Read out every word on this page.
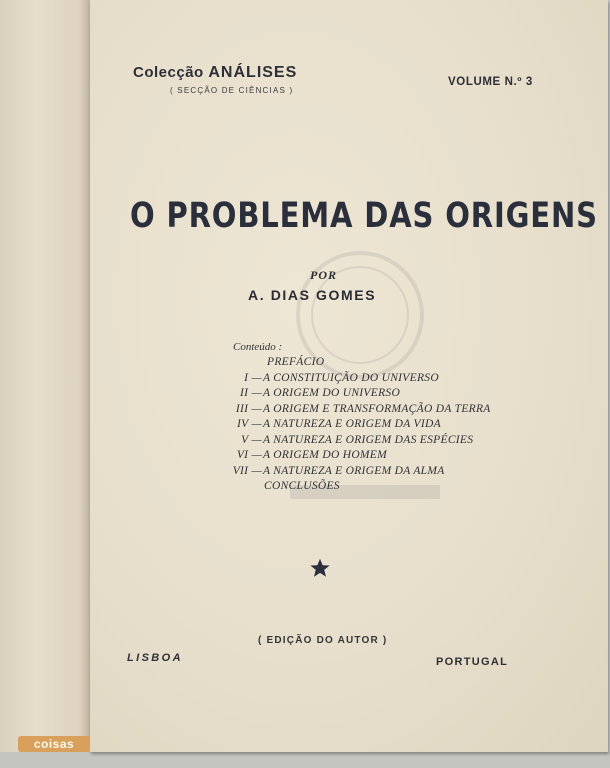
Colecção ANÁLISES
( SECÇÃO DE CIÊNCIAS )
VOLUME N.º 3
O PROBLEMA DAS ORIGENS
POR
A. DIAS GOMES
Conteúdo :
PREFÁCIO
I — A CONSTITUIÇÃO DO UNIVERSO
II — A ORIGEM DO UNIVERSO
III — A ORIGEM E TRANSFORMAÇÃO DA TERRA
IV — A NATUREZA E ORIGEM DA VIDA
V — A NATUREZA E ORIGEM DAS ESPÉCIES
VI — A ORIGEM DO HOMEM
VII — A NATUREZA E ORIGEM DA ALMA
CONCLUSÕES
( EDIÇÃO DO AUTOR )
LISBOA	PORTUGAL
coisas
